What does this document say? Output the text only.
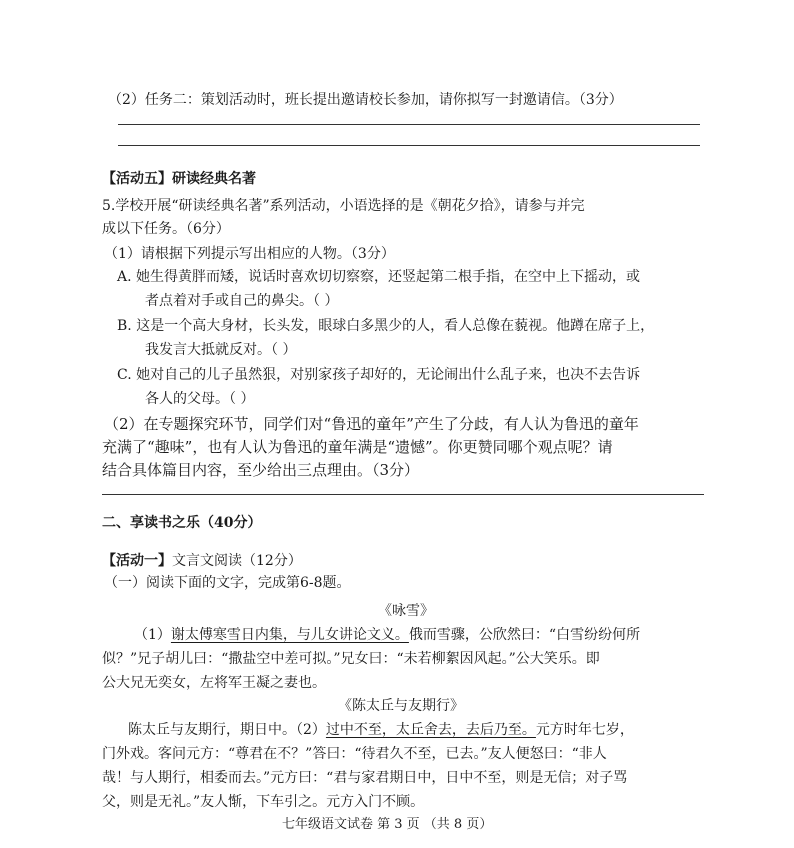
（2）任务二：策划活动时，班长提出邀请校长参加，请你拟写一封邀请信。（3分）
【活动五】研读经典名著
5.学校开展“研读经典名著”系列活动，小语选择的是《朝花夕拾》，请参与并完
成以下任务。（6分）
（1）请根据下列提示写出相应的人物。（3分）
A. 她生得黄胖而矮，说话时喜欢切切察察，还竖起第二根手指，在空中上下摇动，或
者点着对手或自己的鼻尖。（ ）
B. 这是一个高大身材，长头发，眼球白多黑少的人，看人总像在藐视。他蹲在席子上，
我发言大抵就反对。（ ）
C. 她对自己的儿子虽然狠，对别家孩子却好的，无论闹出什么乱子来，也决不去告诉
各人的父母。（ ）
（2）在专题探究环节，同学们对“鲁迅的童年”产生了分歧，有人认为鲁迅的童年
充满了“趣味”，也有人认为鲁迅的童年满是“遗憾”。你更赞同哪个观点呢？请
结合具体篇目内容，至少给出三点理由。（3分）
二、享读书之乐（40分）
【活动一】文言文阅读（12分）
（一）阅读下面的文字，完成第6-8题。
《咏雪》
（1）谢太傅寒雪日内集，与儿女讲论文义。俄而雪骤，公欣然曰：“白雪纷纷何所
似？”兄子胡儿曰：“撒盐空中差可拟。”兄女曰：“未若柳絮因风起。”公大笑乐。即
公大兄无奕女，左将军王凝之妻也。
《陈太丘与友期行》
陈太丘与友期行，期日中。（2）过中不至，太丘舍去，去后乃至。元方时年七岁，
门外戏。客问元方：“尊君在不？”答曰：“待君久不至，已去。”友人便怒曰：“非人
哉！与人期行，相委而去。”元方曰：“君与家君期日中，日中不至，则是无信；对子骂
父，则是无礼。”友人惭，下车引之。元方入门不顾。
七年级语文试卷 第 3 页 （共 8 页）
